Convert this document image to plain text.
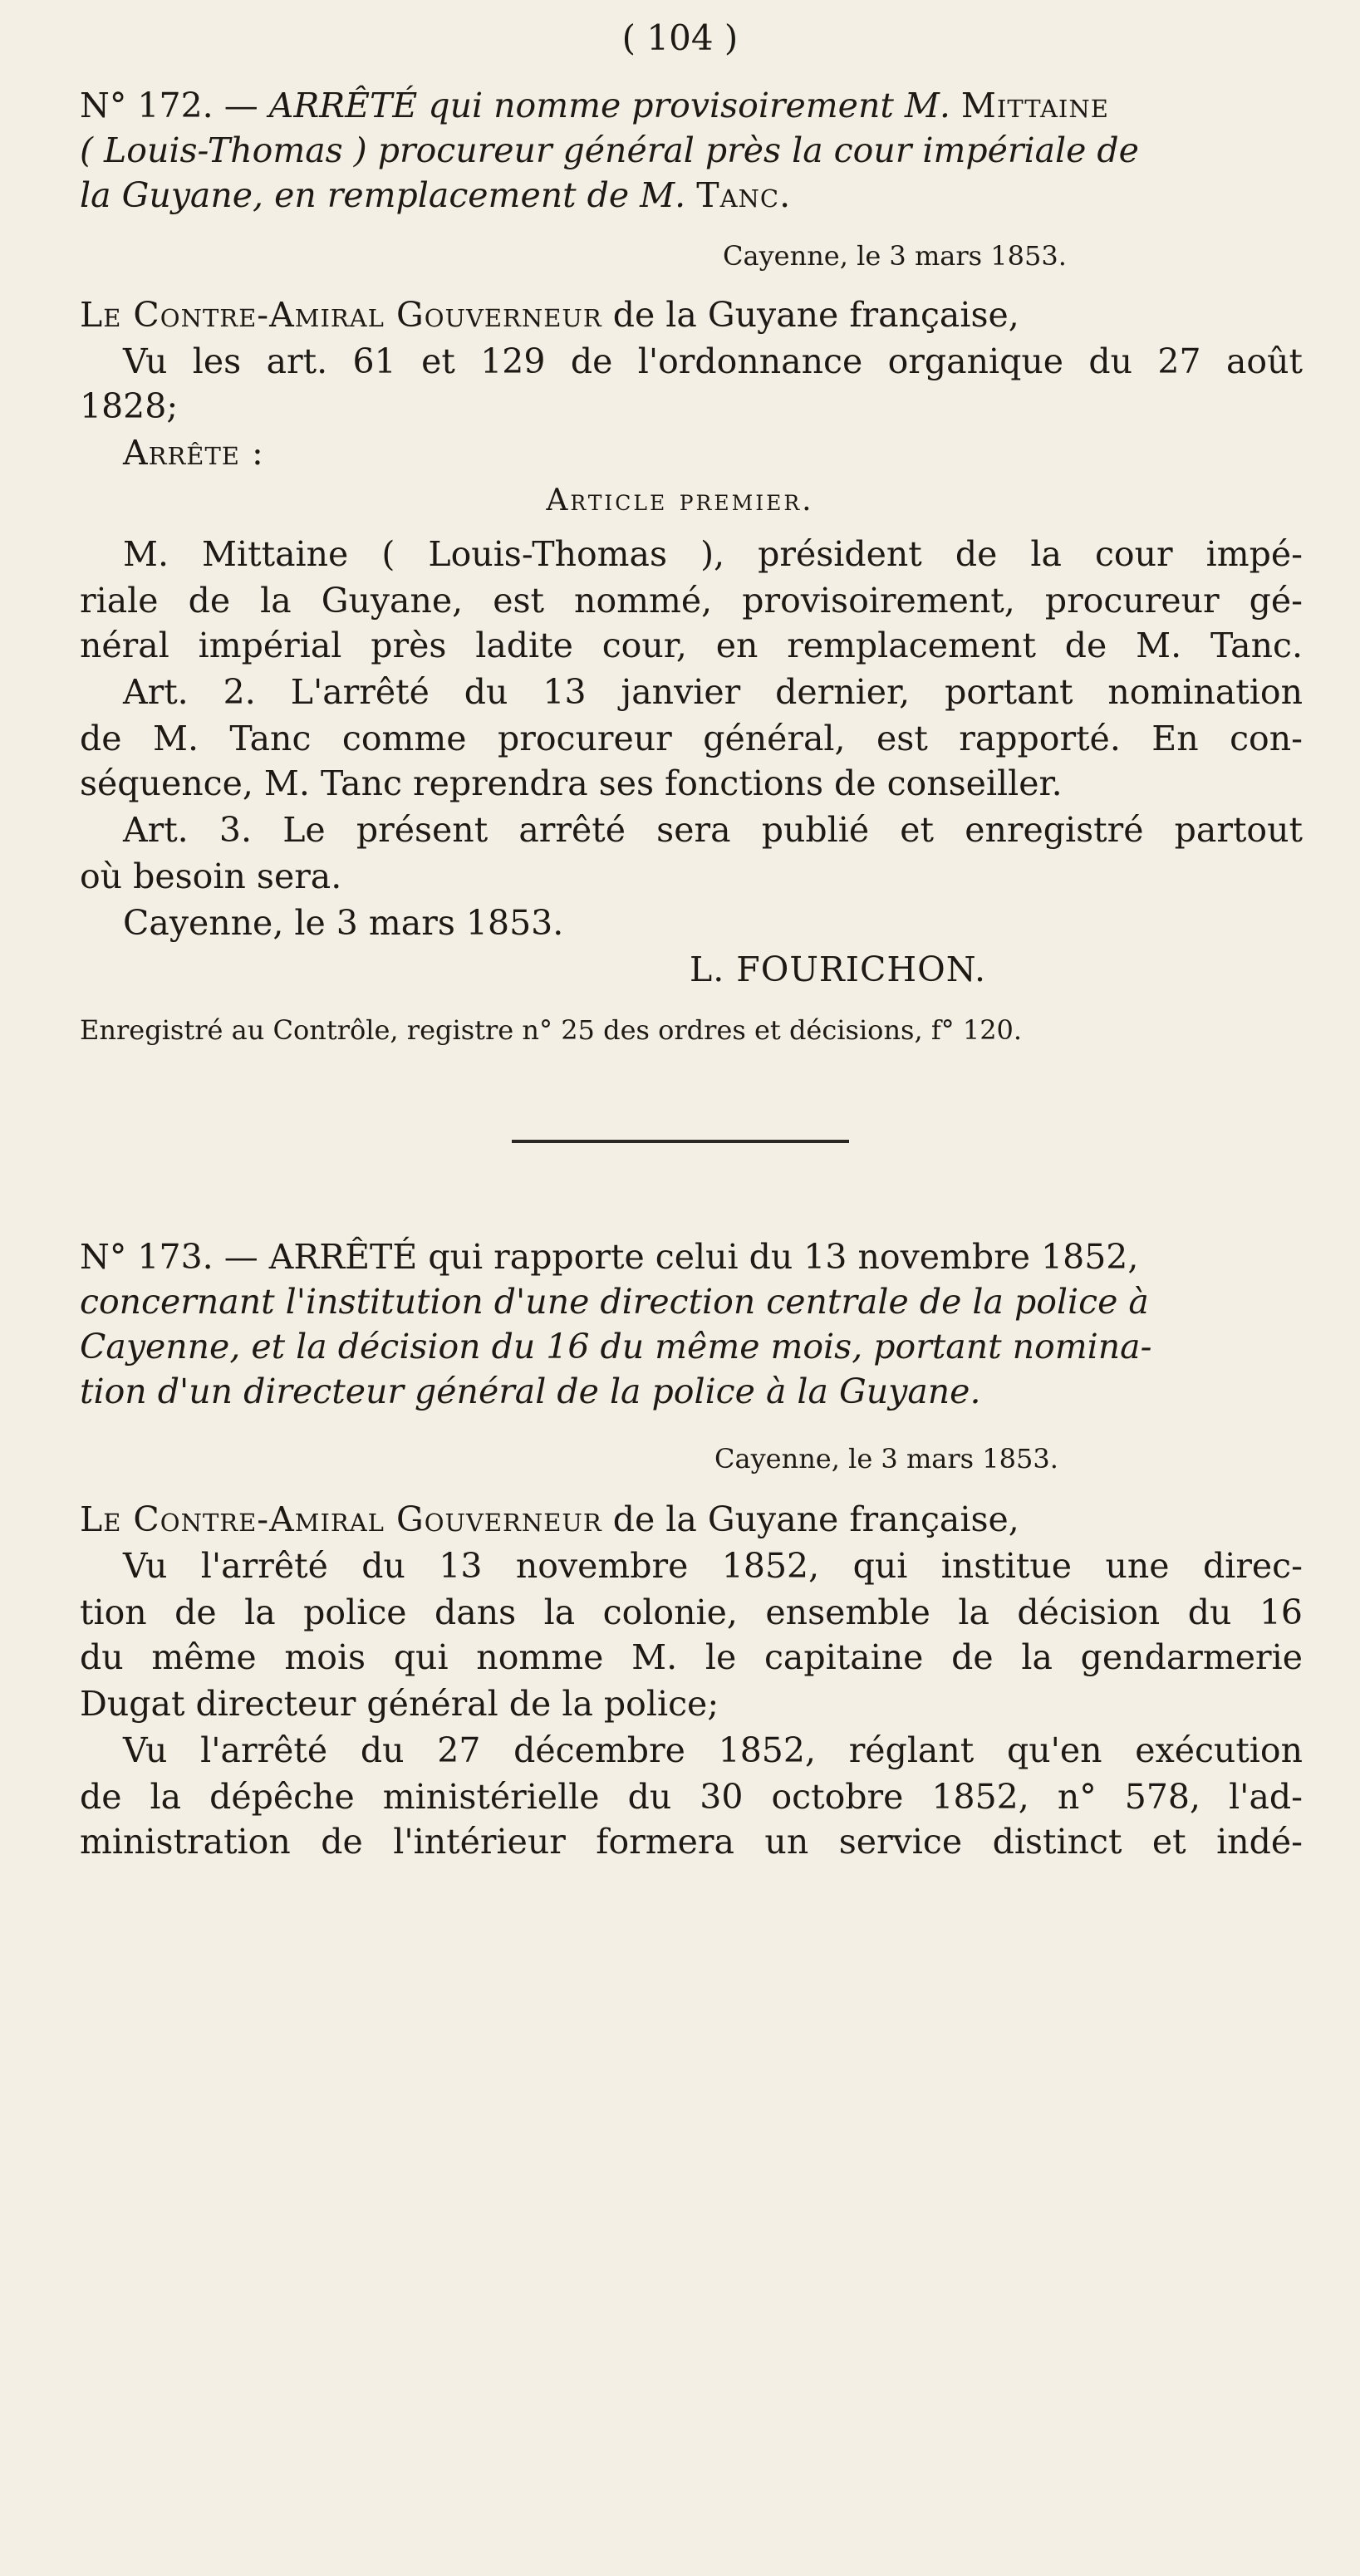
( 104 )
N° 172. — ARRÊTÉ qui nomme provisoirement M. Mittaine
( Louis-Thomas ) procureur général près la cour impériale de
la Guyane, en remplacement de M. Tanc.
Cayenne, le 3 mars 1853.
Le Contre-Amiral Gouverneur de la Guyane française,
Vu les art. 61 et 129 de l'ordonnance organique du 27 août
1828;
Arrête :
Article premier.
M. Mittaine ( Louis-Thomas ), président de la cour impé-
riale de la Guyane, est nommé, provisoirement, procureur gé-
néral impérial près ladite cour, en remplacement de M. Tanc.
Art. 2. L'arrêté du 13 janvier dernier, portant nomination
de M. Tanc comme procureur général, est rapporté. En con-
séquence, M. Tanc reprendra ses fonctions de conseiller.
Art. 3. Le présent arrêté sera publié et enregistré partout
où besoin sera.
Cayenne, le 3 mars 1853.
L. FOURICHON.
Enregistré au Contrôle, registre n° 25 des ordres et décisions, f° 120.
N° 173. — ARRÊTÉ qui rapporte celui du 13 novembre 1852,
concernant l'institution d'une direction centrale de la police à
Cayenne, et la décision du 16 du même mois, portant nomina-
tion d'un directeur général de la police à la Guyane.
Cayenne, le 3 mars 1853.
Le Contre-Amiral Gouverneur de la Guyane française,
Vu l'arrêté du 13 novembre 1852, qui institue une direc-
tion de la police dans la colonie, ensemble la décision du 16
du même mois qui nomme M. le capitaine de la gendarmerie
Dugat directeur général de la police;
Vu l'arrêté du 27 décembre 1852, réglant qu'en exécution
de la dépêche ministérielle du 30 octobre 1852, n° 578, l'ad-
ministration de l'intérieur formera un service distinct et indé-
